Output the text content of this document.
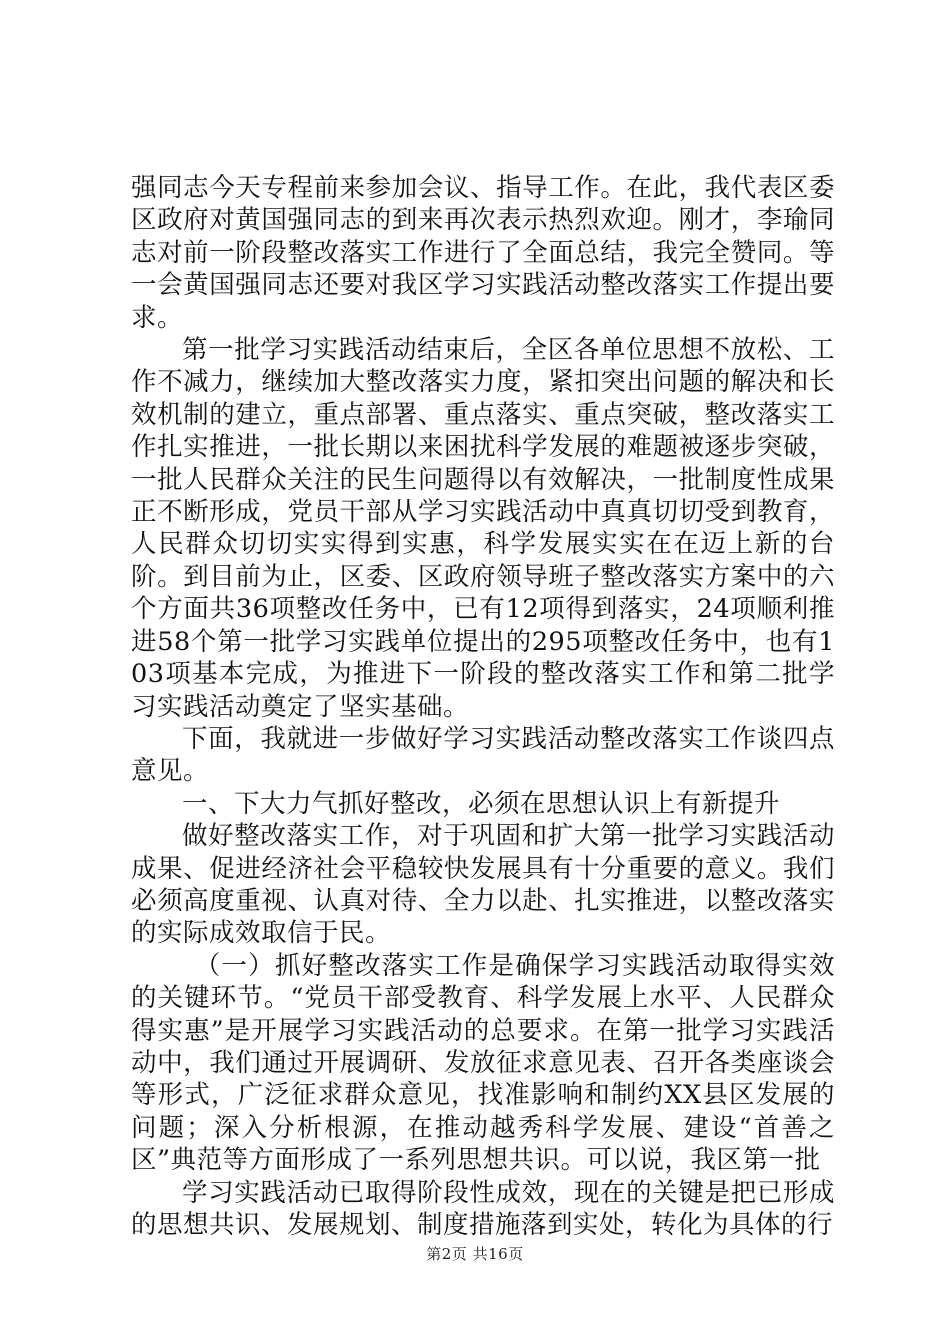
强同志今天专程前来参加会议、指导工作。在此，我代表区委区政府对黄国强同志的到来再次表示热烈欢迎。刚才，李瑜同志对前一阶段整改落实工作进行了全面总结，我完全赞同。等一会黄国强同志还要对我区学习实践活动整改落实工作提出要求。

第一批学习实践活动结束后，全区各单位思想不放松、工作不减力，继续加大整改落实力度，紧扣突出问题的解决和长效机制的建立，重点部署、重点落实、重点突破，整改落实工作扎实推进，一批长期以来困扰科学发展的难题被逐步突破，一批人民群众关注的民生问题得以有效解决，一批制度性成果正不断形成，党员干部从学习实践活动中真真切切受到教育，人民群众切切实实得到实惠，科学发展实实在在迈上新的台阶。到目前为止，区委、区政府领导班子整改落实方案中的六个方面共36项整改任务中，已有12项得到落实，24项顺利推进58个第一批学习实践单位提出的295项整改任务中，也有103项基本完成，为推进下一阶段的整改落实工作和第二批学习实践活动奠定了坚实基础。

下面，我就进一步做好学习实践活动整改落实工作谈四点意见。

一、下大力气抓好整改，必须在思想认识上有新提升

做好整改落实工作，对于巩固和扩大第一批学习实践活动成果、促进经济社会平稳较快发展具有十分重要的意义。我们必须高度重视、认真对待、全力以赴、扎实推进，以整改落实的实际成效取信于民。

（一）抓好整改落实工作是确保学习实践活动取得实效的关键环节。“党员干部受教育、科学发展上水平、人民群众得实惠”是开展学习实践活动的总要求。在第一批学习实践活动中，我们通过开展调研、发放征求意见表、召开各类座谈会等形式，广泛征求群众意见，找准影响和制约XX县区发展的问题；深入分析根源，在推动越秀科学发展、建设“首善之区”典范等方面形成了一系列思想共识。可以说，我区第一批

学习实践活动已取得阶段性成效，现在的关键是把已形成的思想共识、发展规划、制度措施落到实处，转化为具体的行

第2页 共16页
